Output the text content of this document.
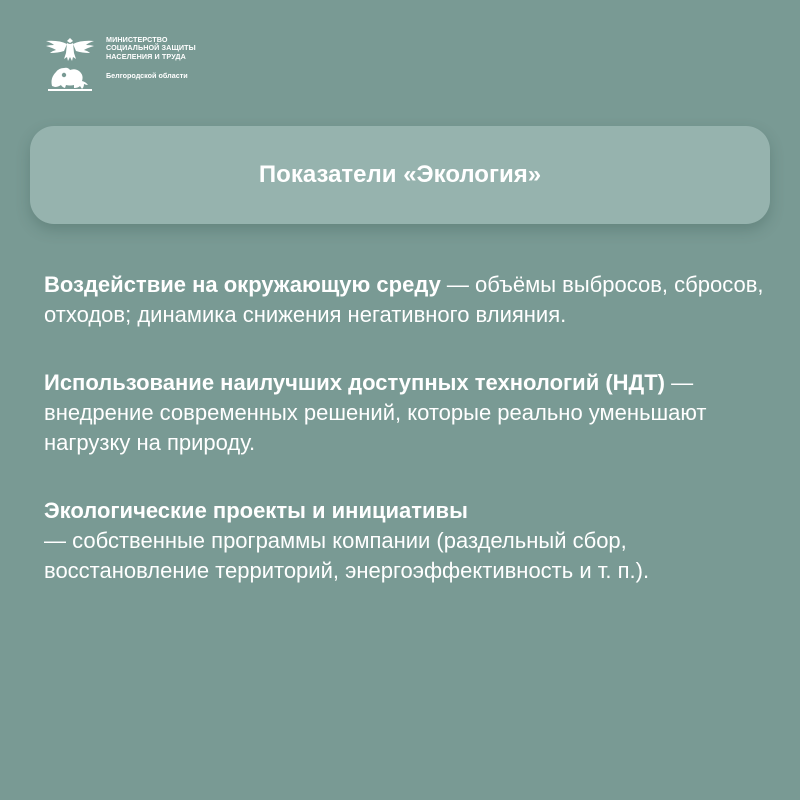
МИНИСТЕРСТВО
СОЦИАЛЬНОЙ ЗАЩИТЫ
НАСЕЛЕНИЯ И ТРУДА
Белгородской области
Показатели «Экология»

Воздействие на окружающую среду — объёмы выбросов, сбросов, отходов; динамика снижения негативного влияния.

Использование наилучших доступных технологий (НДТ) — внедрение современных решений, которые реально уменьшают нагрузку на природу.

Экологические проекты и инициативы
— собственные программы компании (раздельный сбор, восстановление территорий, энергоэффективность и т. п.).
